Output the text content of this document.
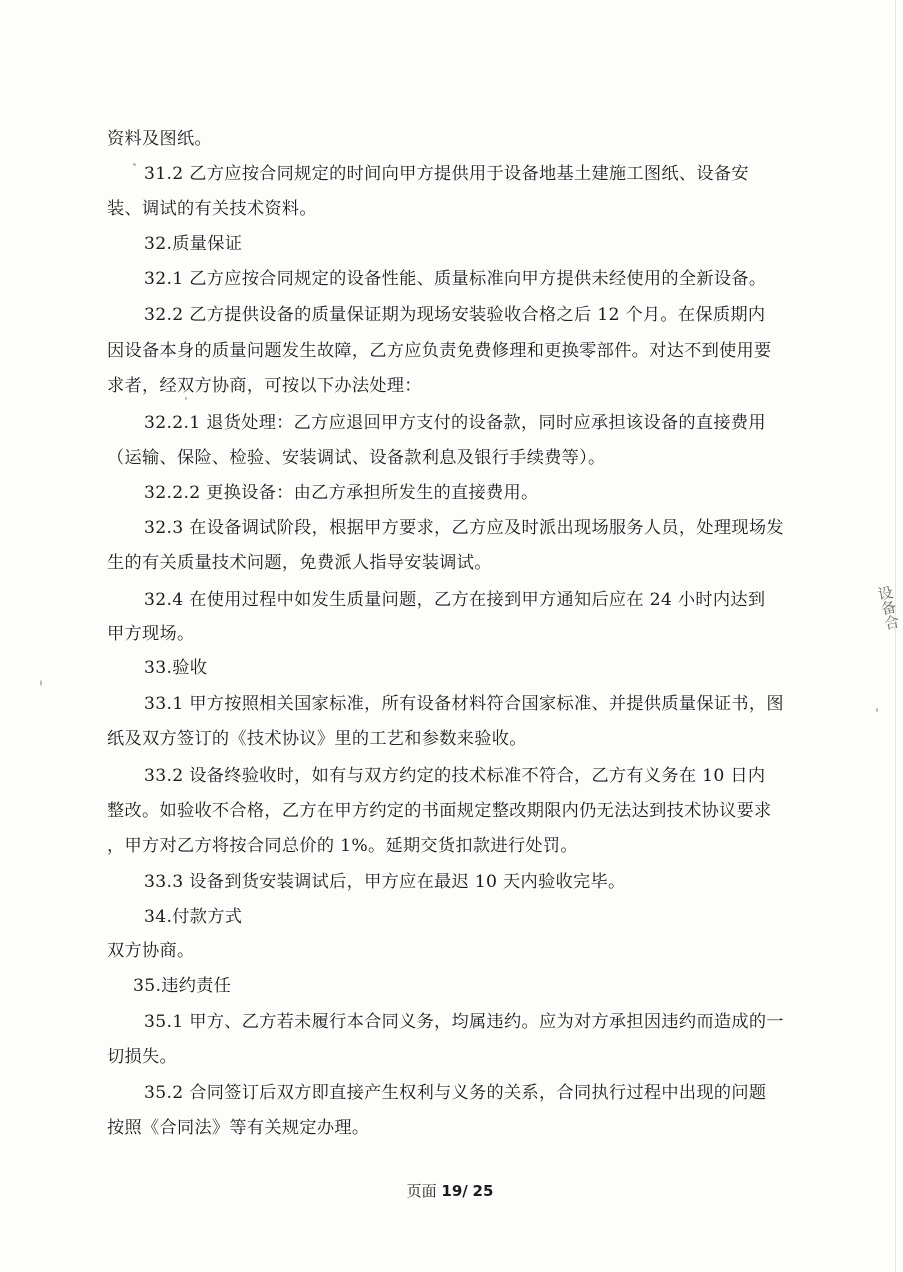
资料及图纸。

31.2 乙方应按合同规定的时间向甲方提供用于设备地基土建施工图纸、设备安

装、调试的有关技术资料。

32.质量保证

32.1 乙方应按合同规定的设备性能、质量标准向甲方提供未经使用的全新设备。

32.2 乙方提供设备的质量保证期为现场安装验收合格之后 12 个月。在保质期内

因设备本身的质量问题发生故障，乙方应负责免费修理和更换零部件。对达不到使用要

求者，经双方协商，可按以下办法处理：

32.2.1 退货处理：乙方应退回甲方支付的设备款，同时应承担该设备的直接费用

（运输、保险、检验、安装调试、设备款利息及银行手续费等）。

32.2.2 更换设备：由乙方承担所发生的直接费用。

32.3 在设备调试阶段，根据甲方要求，乙方应及时派出现场服务人员，处理现场发

生的有关质量技术问题，免费派人指导安装调试。

32.4 在使用过程中如发生质量问题，乙方在接到甲方通知后应在 24 小时内达到

甲方现场。

33.验收

33.1 甲方按照相关国家标准，所有设备材料符合国家标准、并提供质量保证书，图

纸及双方签订的《技术协议》里的工艺和参数来验收。

33.2 设备终验收时，如有与双方约定的技术标准不符合，乙方有义务在 10 日内

整改。如验收不合格，乙方在甲方约定的书面规定整改期限内仍无法达到技术协议要求

，甲方对乙方将按合同总价的 1%。延期交货扣款进行处罚。

33.3 设备到货安装调试后，甲方应在最迟 10 天内验收完毕。

34.付款方式

双方协商。

35.违约责任

35.1 甲方、乙方若未履行本合同义务，均属违约。应为对方承担因违约而造成的一

切损失。

35.2 合同签订后双方即直接产生权利与义务的关系，合同执行过程中出现的问题

按照《合同法》等有关规定办理。

页面 19/ 25
设备合
